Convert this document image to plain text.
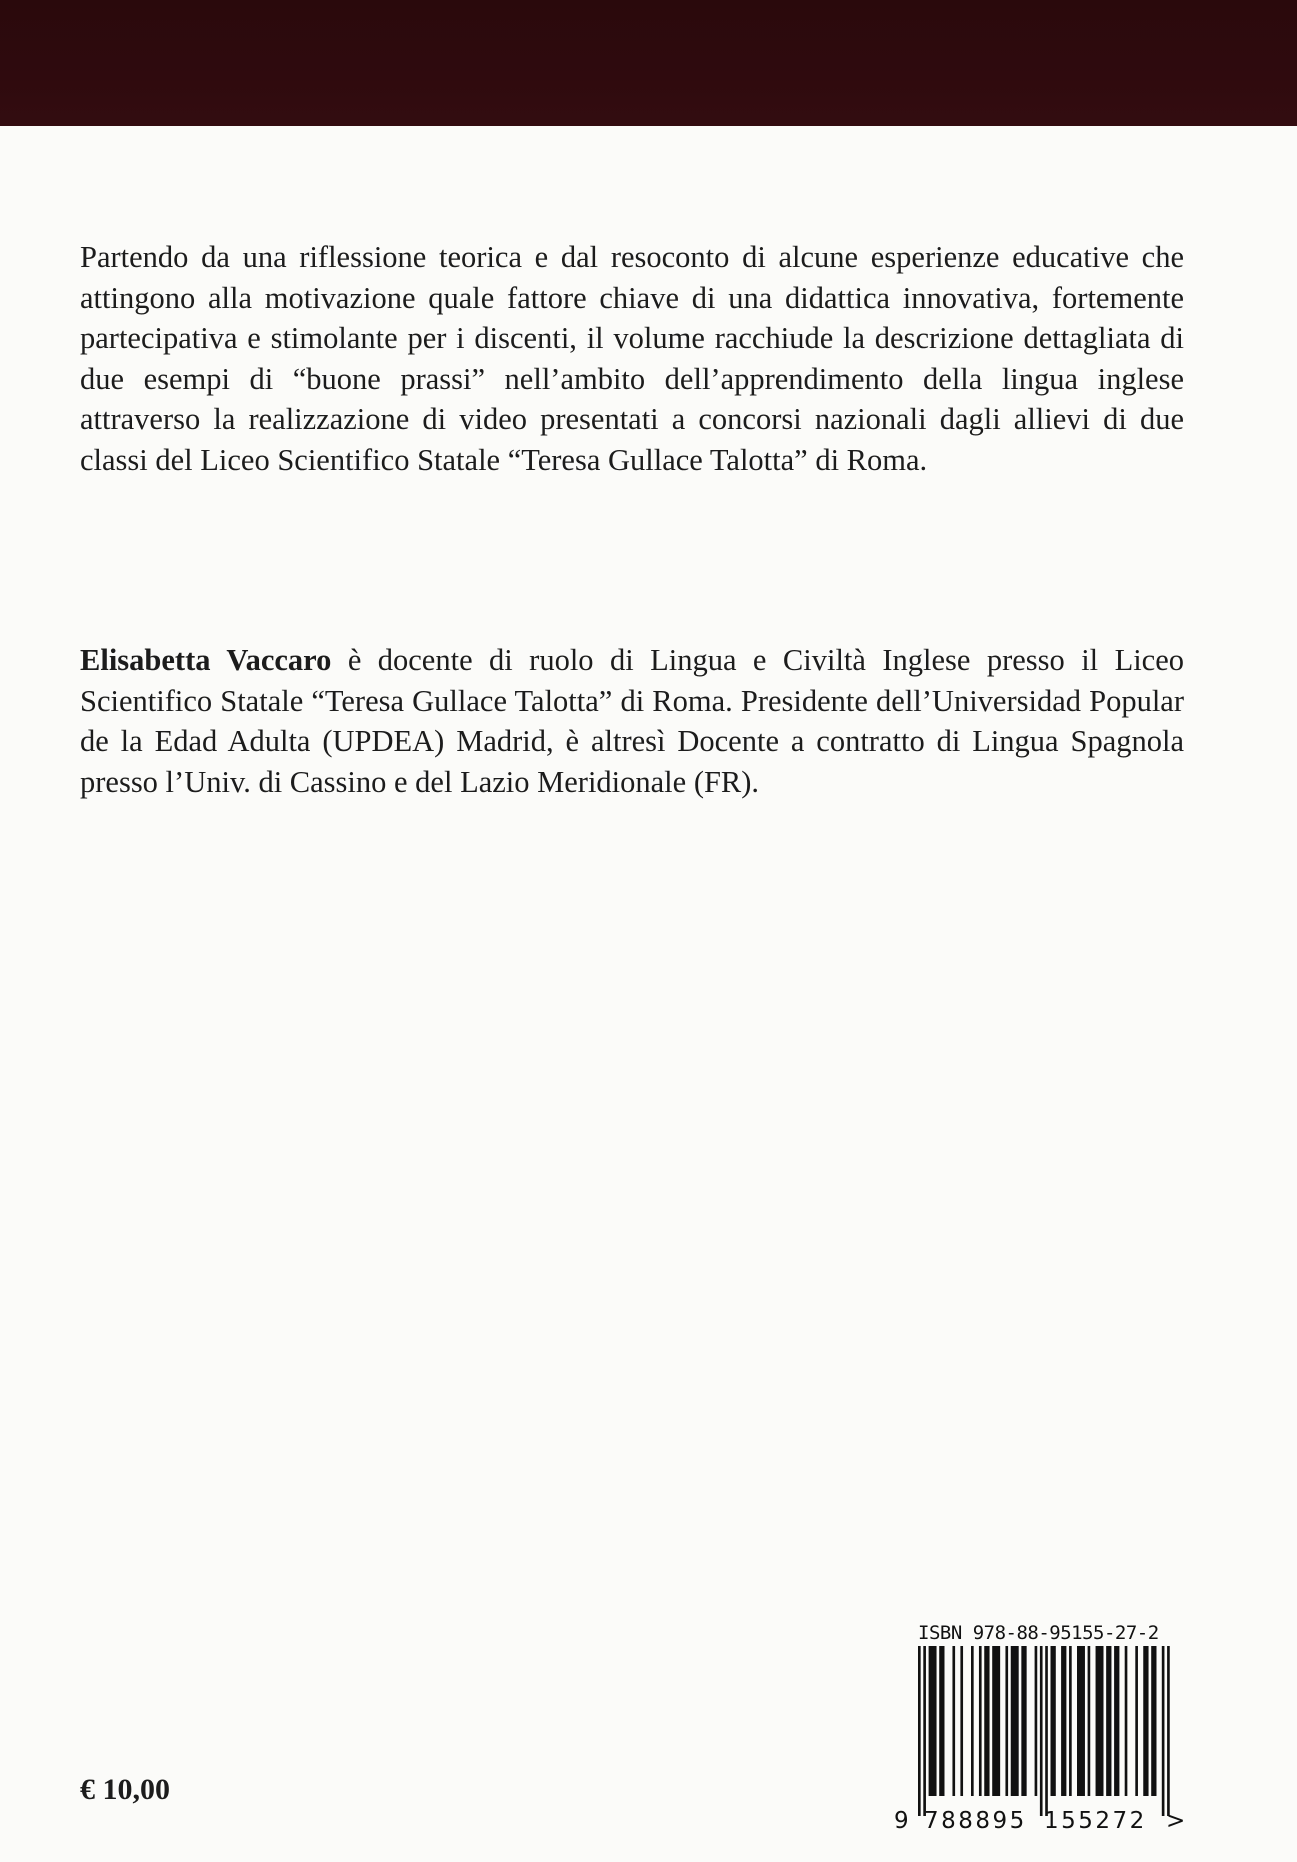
Partendo da una riflessione teorica e dal resoconto di alcune esperienze educative che attingono alla motivazione quale fattore chiave di una didattica innovativa, fortemente partecipativa e stimolante per i discenti, il volume racchiude la descrizione dettagliata di due esempi di “buone prassi” nell’ambito dell’apprendimento della lingua inglese attraverso la realizzazione di video presentati a concorsi nazionali dagli allievi di due classi del Liceo Scientifico Statale “Teresa Gullace Talotta” di Roma.

Elisabetta Vaccaro è docente di ruolo di Lingua e Civiltà Inglese presso il Liceo Scientifico Statale “Teresa Gullace Talotta” di Roma. Presidente dell’Universidad Popular de la Edad Adulta (UPDEA) Madrid, è altresì Docente a contratto di Lingua Spagnola presso l’Univ. di Cassino e del Lazio Meridionale (FR).

ISBN 978-88-95155-27-2
9 788895 155272 >
€ 10,00
